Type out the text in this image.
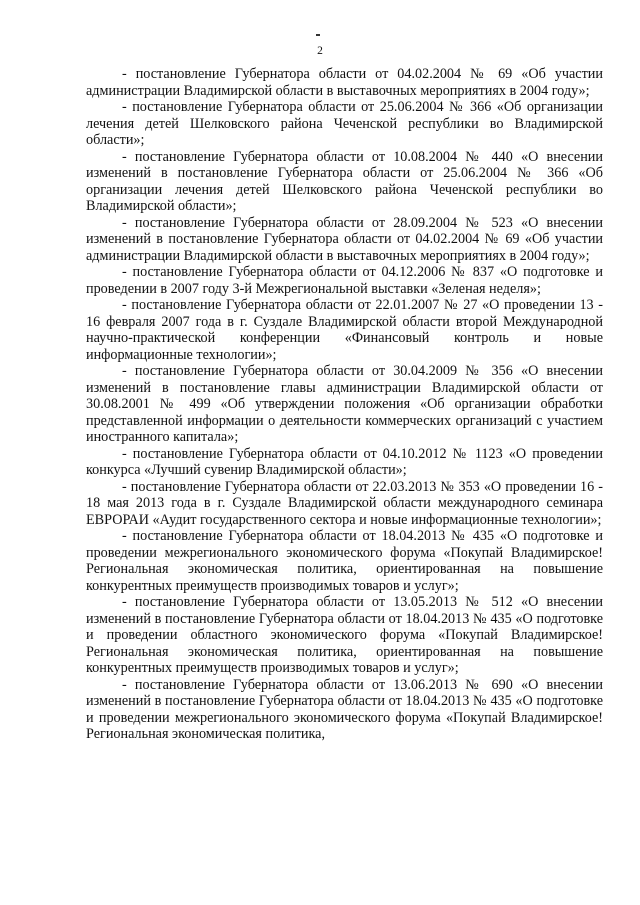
2

- постановление Губернатора области от 04.02.2004 № 69 «Об участии администрации Владимирской области в выставочных мероприятиях в 2004 году»;

- постановление Губернатора области от 25.06.2004 № 366 «Об организации лечения детей Шелковского района Чеченской республики во Владимирской области»;

- постановление Губернатора области от 10.08.2004 № 440 «О внесении изменений в постановление Губернатора области от 25.06.2004 № 366 «Об организации лечения детей Шелковского района Чеченской республики во Владимирской области»;

- постановление Губернатора области от 28.09.2004 № 523 «О внесении изменений в постановление Губернатора области от 04.02.2004 № 69 «Об участии администрации Владимирской области в выставочных мероприятиях в 2004 году»;

- постановление Губернатора области от 04.12.2006 № 837 «О подготовке и проведении в 2007 году 3-й Межрегиональной выставки «Зеленая неделя»;

- постановление Губернатора области от 22.01.2007 № 27 «О проведении 13 - 16 февраля 2007 года в г. Суздале Владимирской области второй Международной научно-практической конференции «Финансовый контроль и новые информационные технологии»;

- постановление Губернатора области от 30.04.2009 № 356 «О внесении изменений в постановление главы администрации Владимирской области от 30.08.2001 № 499 «Об утверждении положения «Об организации обработки представленной информации о деятельности коммерческих организаций с участием иностранного капитала»;

- постановление Губернатора области от 04.10.2012 № 1123 «О проведении конкурса «Лучший сувенир Владимирской области»;

- постановление Губернатора области от 22.03.2013 № 353 «О проведении 16 - 18 мая 2013 года в г. Суздале Владимирской области международного семинара ЕВРОРАИ «Аудит государственного сектора и новые информационные технологии»;

- постановление Губернатора области от 18.04.2013 № 435 «О подготовке и проведении межрегионального экономического форума «Покупай Владимирское! Региональная экономическая политика, ориентированная на повышение конкурентных преимуществ производимых товаров и услуг»;

- постановление Губернатора области от 13.05.2013 № 512 «О внесении изменений в постановление Губернатора области от 18.04.2013 № 435 «О подготовке и проведении областного экономического форума «Покупай Владимирское! Региональная экономическая политика, ориентированная на повышение конкурентных преимуществ производимых товаров и услуг»;

- постановление Губернатора области от 13.06.2013 № 690 «О внесении изменений в постановление Губернатора области от 18.04.2013 № 435 «О подготовке и проведении межрегионального экономического форума «Покупай Владимирское! Региональная экономическая политика,
